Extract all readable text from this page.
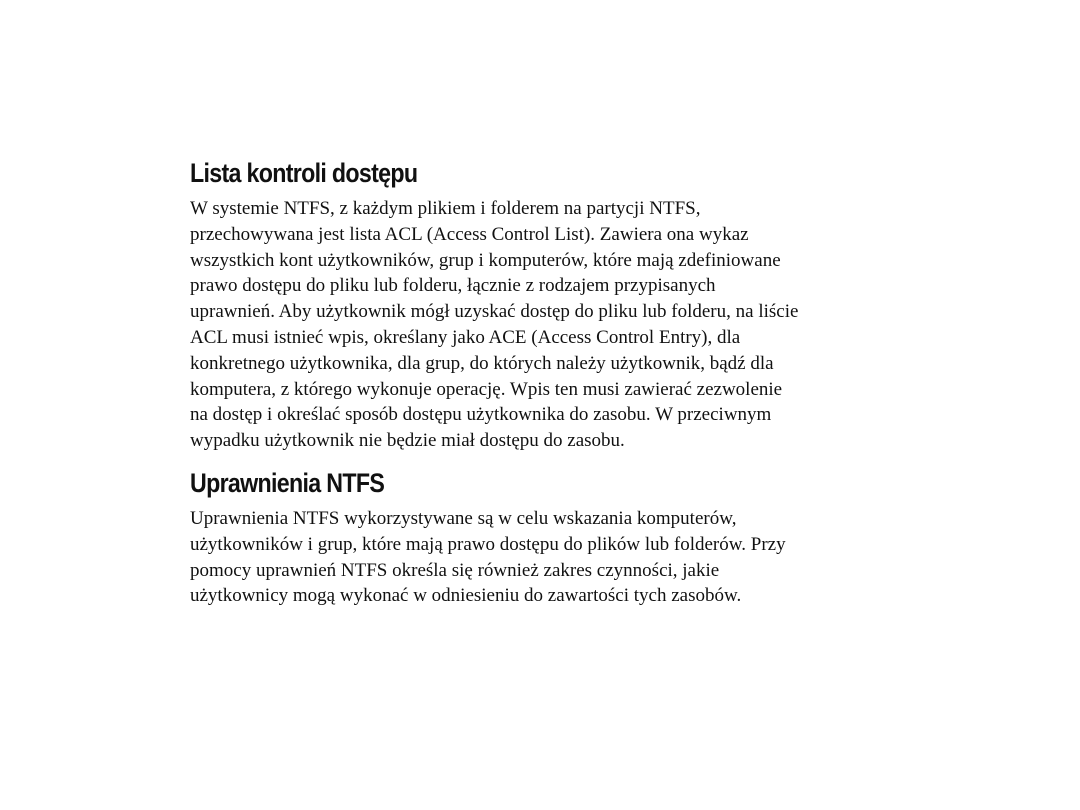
Lista kontroli dostępu

W systemie NTFS, z każdym plikiem i folderem na partycji NTFS,
przechowywana jest lista ACL (Access Control List). Zawiera ona wykaz
wszystkich kont użytkowników, grup i komputerów, które mają zdefiniowane
prawo dostępu do pliku lub folderu, łącznie z rodzajem przypisanych
uprawnień. Aby użytkownik mógł uzyskać dostęp do pliku lub folderu, na liście
ACL musi istnieć wpis, określany jako ACE (Access Control Entry), dla
konkretnego użytkownika, dla grup, do których należy użytkownik, bądź dla
komputera, z którego wykonuje operację. Wpis ten musi zawierać zezwolenie
na dostęp i określać sposób dostępu użytkownika do zasobu. W przeciwnym
wypadku użytkownik nie będzie miał dostępu do zasobu.

Uprawnienia NTFS

Uprawnienia NTFS wykorzystywane są w celu wskazania komputerów,
użytkowników i grup, które mają prawo dostępu do plików lub folderów. Przy
pomocy uprawnień NTFS określa się również zakres czynności, jakie
użytkownicy mogą wykonać w odniesieniu do zawartości tych zasobów.
